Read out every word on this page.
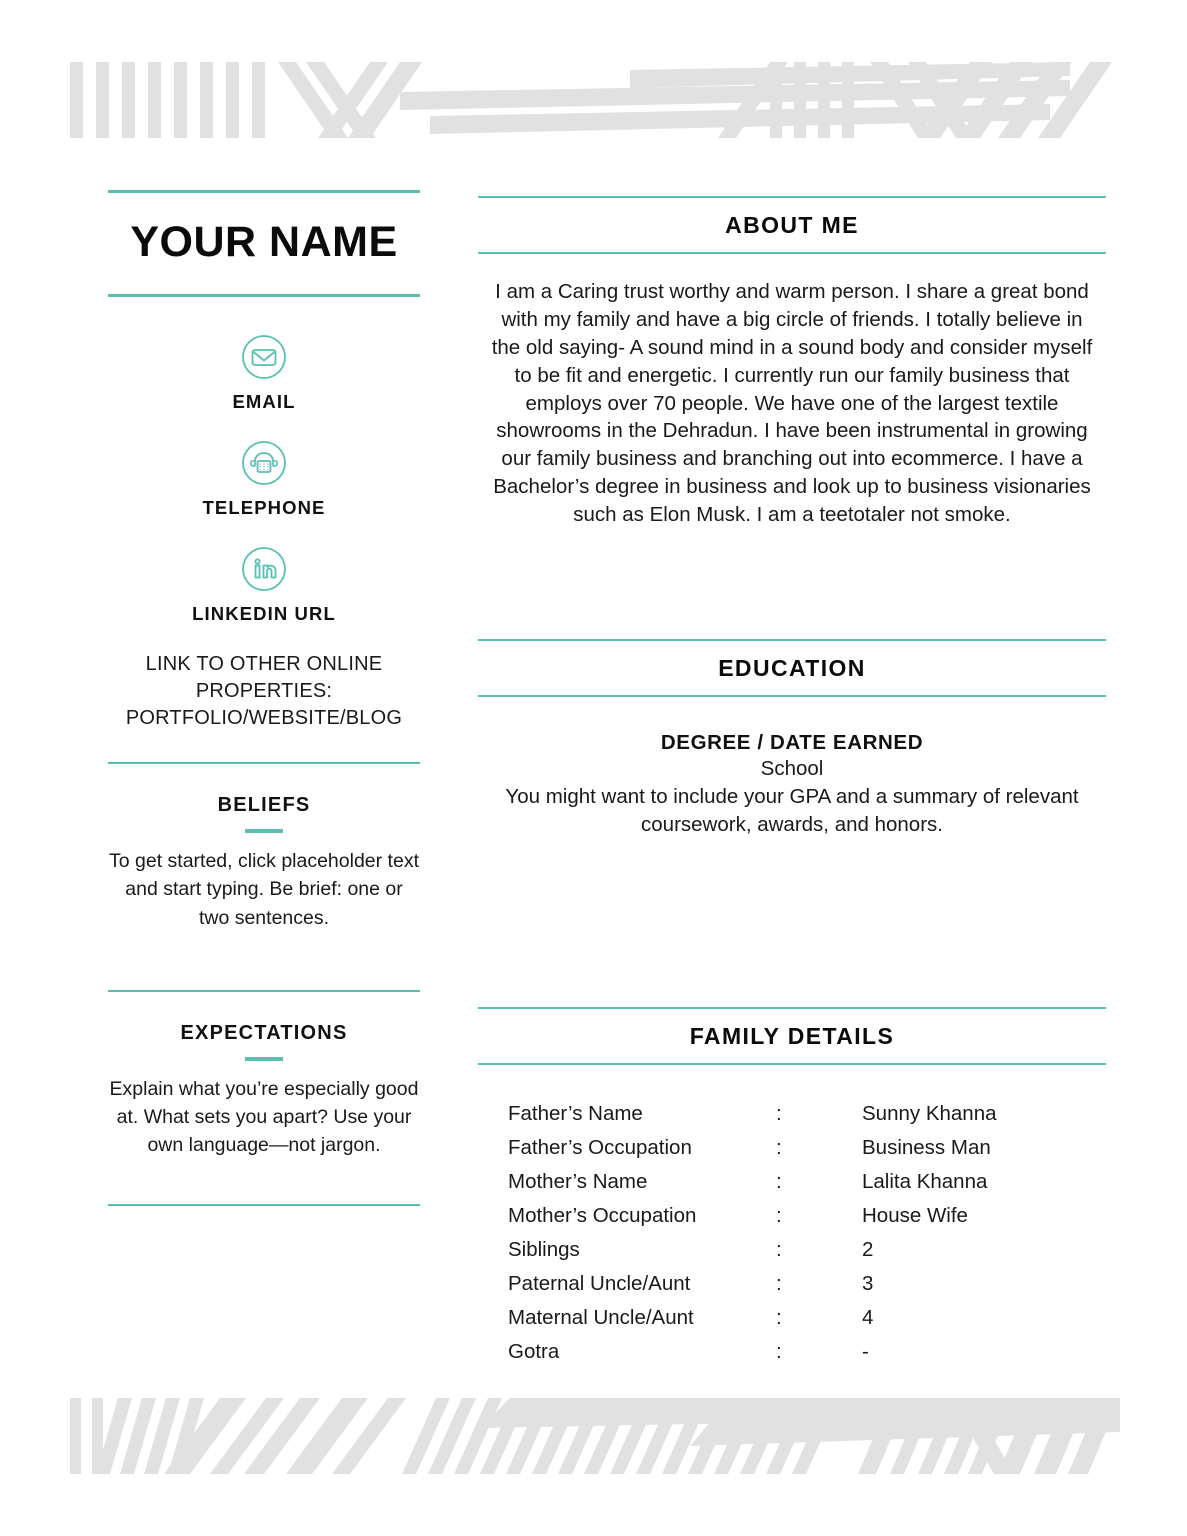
YOUR NAME
EMAIL
TELEPHONE
LINKEDIN URL
LINK TO OTHER ONLINE PROPERTIES: PORTFOLIO/WEBSITE/BLOG
BELIEFS
To get started, click placeholder text and start typing. Be brief: one or two sentences.
EXPECTATIONS
Explain what you’re especially good at. What sets you apart? Use your own language—not jargon.
ABOUT ME
I am a Caring trust worthy and warm person. I share a great bond with my family and have a big circle of friends. I totally believe in the old saying- A sound mind in a sound body and consider myself to be fit and energetic. I currently run our family business that employs over 70 people. We have one of the largest textile showrooms in the Dehradun. I have been instrumental in growing our family business and branching out into ecommerce. I have a Bachelor’s degree in business and look up to business visionaries such as Elon Musk. I am a teetotaler not smoke.
EDUCATION
DEGREE / DATE EARNED
School
You might want to include your GPA and a summary of relevant coursework, awards, and honors.
FAMILY DETAILS
Father’s Name	:	Sunny Khanna
Father’s Occupation	:	Business Man
Mother’s Name	:	Lalita Khanna
Mother’s Occupation	:	House Wife
Siblings	:	2
Paternal Uncle/Aunt	:	3
Maternal Uncle/Aunt	:	4
Gotra	:	-
